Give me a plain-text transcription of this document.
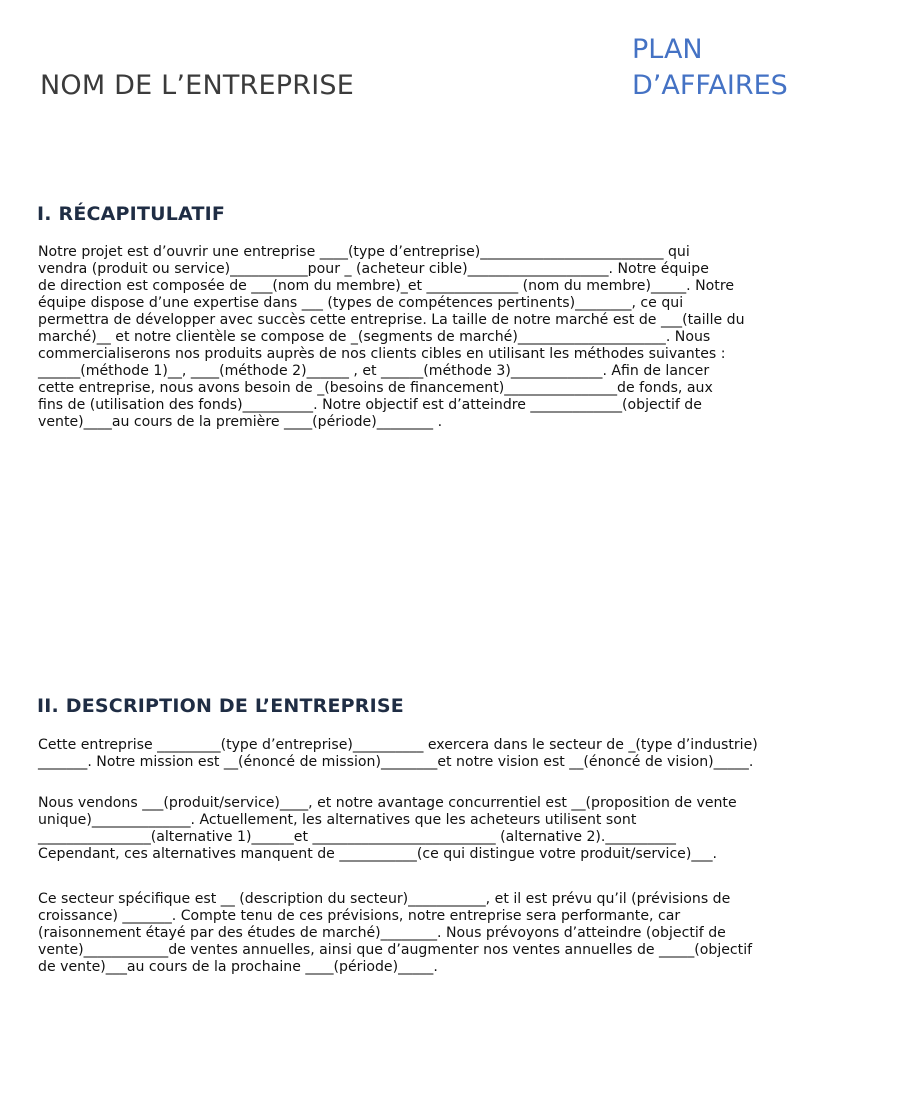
NOM DE L’ENTREPRISE
PLAN
D’AFFAIRES
I. RÉCAPITULATIF
Notre projet est d’ouvrir une entreprise ____(type d’entreprise)__________________________ qui
vendra (produit ou service)___________pour _ (acheteur cible)____________________. Notre équipe
de direction est composée de ___(nom du membre)_et _____________ (nom du membre)_____. Notre
équipe dispose d’une expertise dans ___ (types de compétences pertinents)________, ce qui
permettra de développer avec succès cette entreprise. La taille de notre marché est de ___(taille du
marché)__ et notre clientèle se compose de _(segments de marché)_____________________. Nous
commercialiserons nos produits auprès de nos clients cibles en utilisant les méthodes suivantes :
______(méthode 1)__, ____(méthode 2)______ , et ______(méthode 3)_____________. Afin de lancer
cette entreprise, nous avons besoin de _(besoins de financement)________________de fonds, aux
fins de (utilisation des fonds)__________. Notre objectif est d’atteindre _____________(objectif de
vente)____au cours de la première ____(période)________ .
II. DESCRIPTION DE L’ENTREPRISE
Cette entreprise _________(type d’entreprise)__________ exercera dans le secteur de _(type d’industrie)
_______. Notre mission est __(énoncé de mission)________et notre vision est __(énoncé de vision)_____.
Nous vendons ___(produit/service)____, et notre avantage concurrentiel est __(proposition de vente
unique)______________. Actuellement, les alternatives que les acheteurs utilisent sont
________________(alternative 1)______et __________________________ (alternative 2).__________
Cependant, ces alternatives manquent de ___________(ce qui distingue votre produit/service)___.
Ce secteur spécifique est __ (description du secteur)___________, et il est prévu qu’il (prévisions de
croissance) _______. Compte tenu de ces prévisions, notre entreprise sera performante, car
(raisonnement étayé par des études de marché)________. Nous prévoyons d’atteindre (objectif de
vente)____________de ventes annuelles, ainsi que d’augmenter nos ventes annuelles de _____(objectif
de vente)___au cours de la prochaine ____(période)_____.
